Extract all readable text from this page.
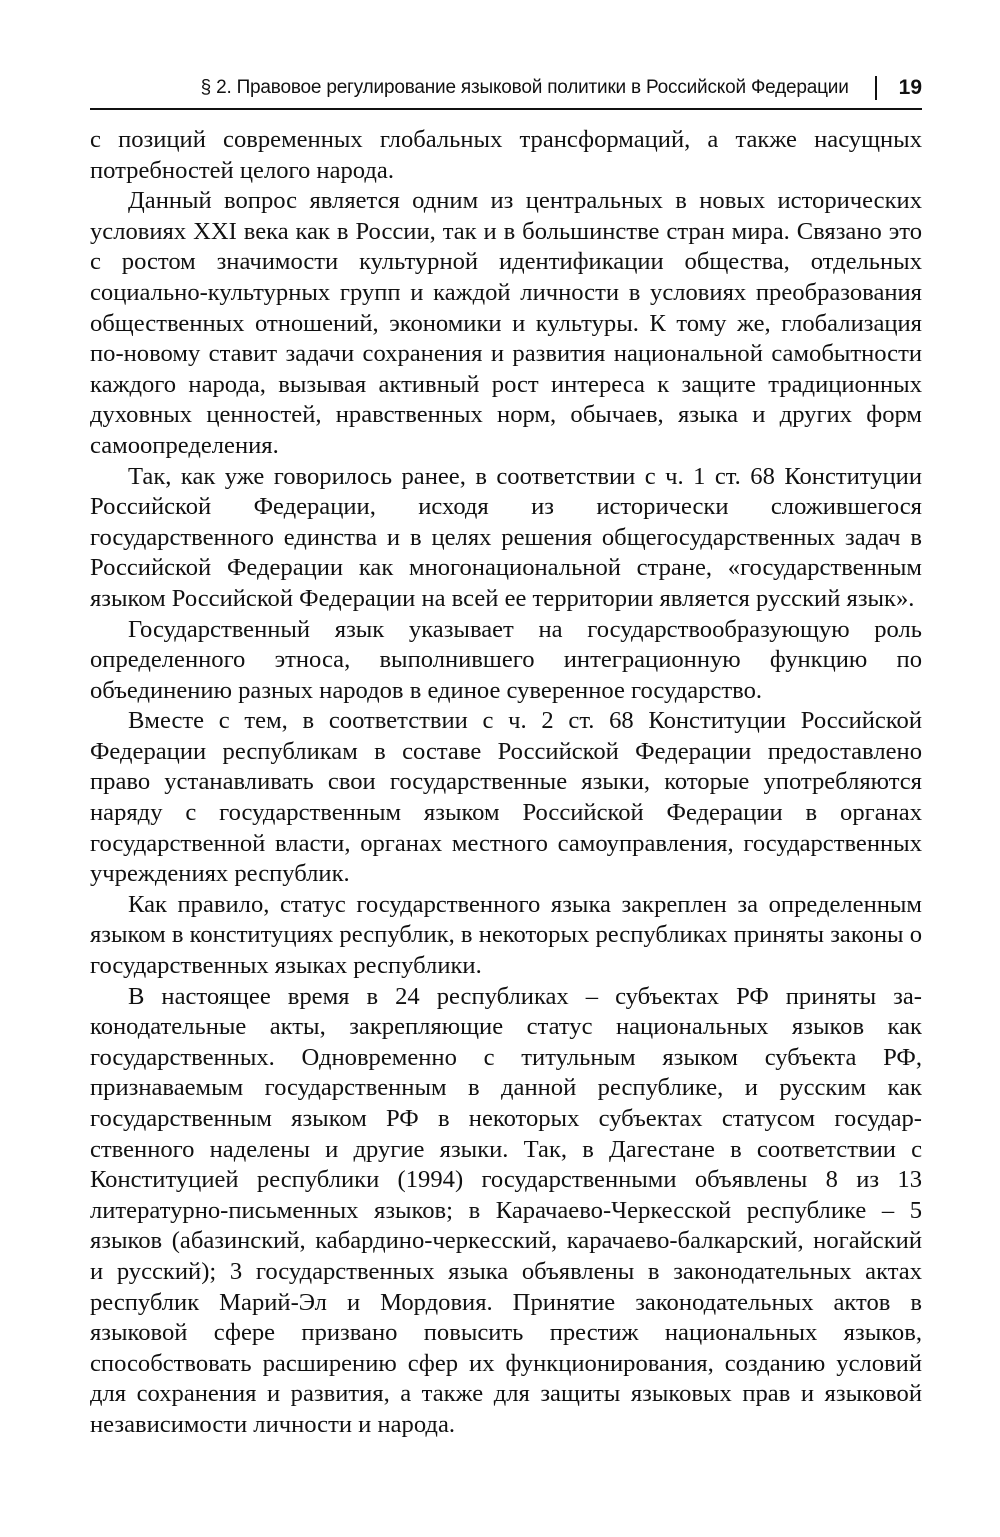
§ 2. Правовое регулирование языковой политики в Российской Федерации 19

с позиций современных глобальных трансформаций, а также насущных потребностей целого народа.

Данный вопрос является одним из центральных в новых исторических условиях XXI века как в России, так и в большинстве стран мира. Связано это с ростом значимости культурной идентификации общества, отдельных социально-культурных групп и каждой личности в условиях преобразования общественных отношений, экономики и культуры. К тому же, глобализация по-новому ставит задачи сохранения и развития национальной самобытности каждого народа, вызывая активный рост интереса к защите традиционных духовных ценностей, нравственных норм, обычаев, языка и других форм самоопределения.

Так, как уже говорилось ранее, в соответствии с ч. 1 ст. 68 Конституции Российской Федерации, исходя из исторически сложившегося государственного единства и в целях решения общегосударственных задач в Российской Федерации как многонациональной стране, «государственным языком Российской Федерации на всей ее территории является русский язык».

Государственный язык указывает на государствообразующую роль определенного этноса, выполнившего интеграционную функцию по объединению разных народов в единое суверенное государство.

Вместе с тем, в соответствии с ч. 2 ст. 68 Конституции Российской Федерации республикам в составе Российской Федерации предоставлено право устанавливать свои государственные языки, которые употребляются наряду с государственным языком Российской Федерации в органах государственной власти, органах местного самоуправления, государственных учреждениях республик.

Как правило, статус государственного языка закреплен за определенным языком в конституциях республик, в некоторых республиках приняты законы о государственных языках республики.

В настоящее время в 24 республиках – субъектах РФ приняты законодательные акты, закрепляющие статус национальных языков как государственных. Одновременно с титульным языком субъекта РФ, признаваемым государственным в данной республике, и русским как государственным языком РФ в некоторых субъектах статусом государственного наделены и другие языки. Так, в Дагестане в соответствии с Конституцией республики (1994) государственными объявлены 8 из 13 литературно-письменных языков; в Карачаево-Черкесской республике – 5 языков (абазинский, кабардино-черкесский, карачаево-балкарский, ногайский и русский); 3 государственных языка объявлены в законодательных актах республик Марий-Эл и Мордовия. Принятие законодательных актов в языковой сфере призвано повысить престиж национальных языков, способствовать расширению сфер их функционирования, созданию условий для сохранения и развития, а также для защиты языковых прав и языковой независимости личности и народа.
